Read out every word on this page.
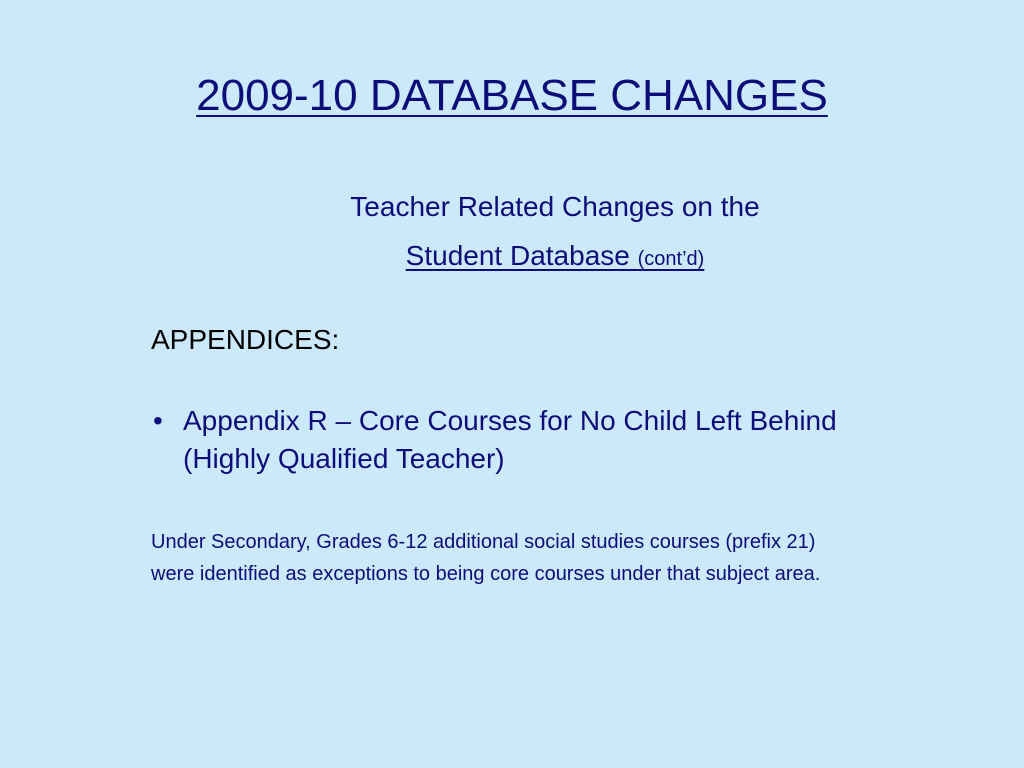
2009-10 DATABASE CHANGES

Teacher Related Changes on the

Student Database (cont’d)

APPENDICES:
• Appendix R – Core Courses for No Child Left Behind (Highly Qualified Teacher)

Under Secondary, Grades 6-12 additional social studies courses (prefix 21)

were identified as exceptions to being core courses under that subject area.
